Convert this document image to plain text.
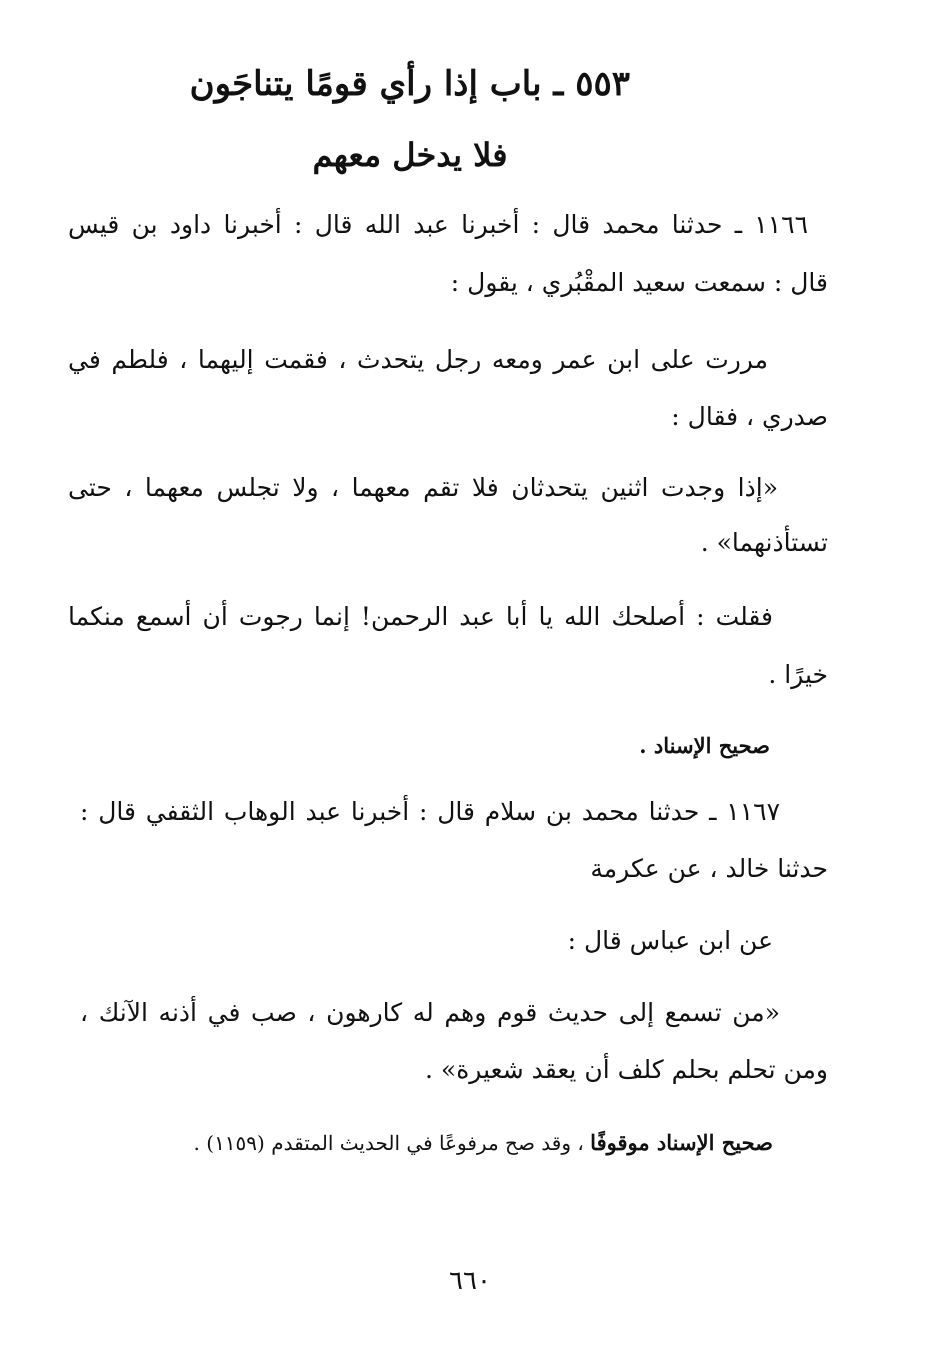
٥٥٣ ـ باب إذا رأي قومًا يتناجَون
فلا يدخل معهم
١١٦٦ ـ حدثنا محمد قال : أخبرنا عبد الله قال : أخبرنا داود بن قيس
قال : سمعت سعيد المقْبُري ، يقول :
مررت على ابن عمر ومعه رجل يتحدث ، فقمت إليهما ، فلطم في
صدري ، فقال :
«إذا وجدت اثنين يتحدثان فلا تقم معهما ، ولا تجلس معهما ، حتى
تستأذنهما» .
فقلت : أصلحك الله يا أبا عبد الرحمن! إنما رجوت أن أسمع منكما
خيرًا .
صحيح الإسناد .
١١٦٧ ـ حدثنا محمد بن سلام قال : أخبرنا عبد الوهاب الثقفي قال :
حدثنا خالد ، عن عكرمة
عن ابن عباس قال :
«من تسمع إلى حديث قوم وهم له كارهون ، صب في أذنه الآنك ،
ومن تحلم بحلم كلف أن يعقد شعيرة» .
صحيح الإسناد موقوفًا ، وقد صح مرفوعًا في الحديث المتقدم (١١٥٩) .
٦٦٠
